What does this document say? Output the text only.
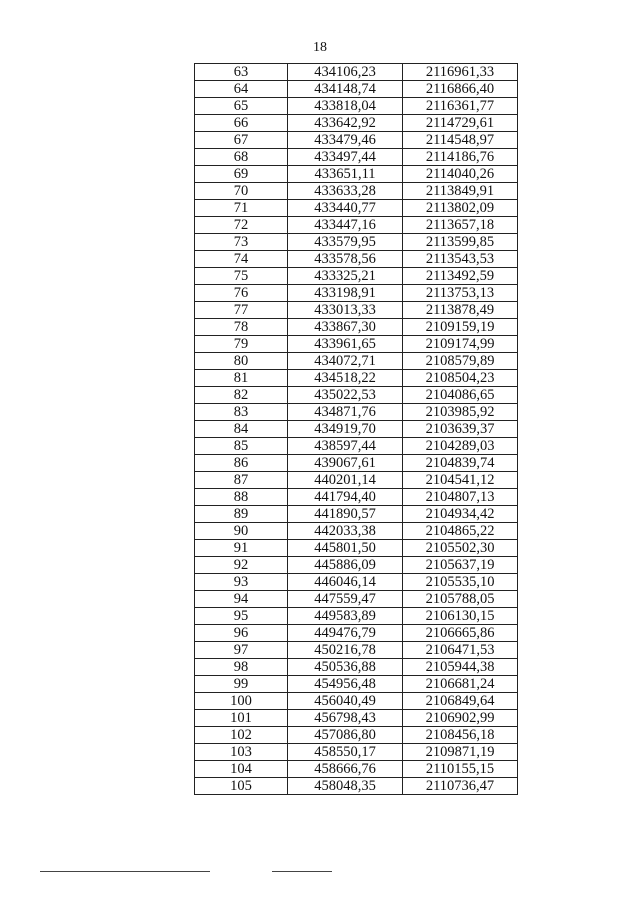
18
63	434106,23	2116961,33
64	434148,74	2116866,40
65	433818,04	2116361,77
66	433642,92	2114729,61
67	433479,46	2114548,97
68	433497,44	2114186,76
69	433651,11	2114040,26
70	433633,28	2113849,91
71	433440,77	2113802,09
72	433447,16	2113657,18
73	433579,95	2113599,85
74	433578,56	2113543,53
75	433325,21	2113492,59
76	433198,91	2113753,13
77	433013,33	2113878,49
78	433867,30	2109159,19
79	433961,65	2109174,99
80	434072,71	2108579,89
81	434518,22	2108504,23
82	435022,53	2104086,65
83	434871,76	2103985,92
84	434919,70	2103639,37
85	438597,44	2104289,03
86	439067,61	2104839,74
87	440201,14	2104541,12
88	441794,40	2104807,13
89	441890,57	2104934,42
90	442033,38	2104865,22
91	445801,50	2105502,30
92	445886,09	2105637,19
93	446046,14	2105535,10
94	447559,47	2105788,05
95	449583,89	2106130,15
96	449476,79	2106665,86
97	450216,78	2106471,53
98	450536,88	2105944,38
99	454956,48	2106681,24
100	456040,49	2106849,64
101	456798,43	2106902,99
102	457086,80	2108456,18
103	458550,17	2109871,19
104	458666,76	2110155,15
105	458048,35	2110736,47
